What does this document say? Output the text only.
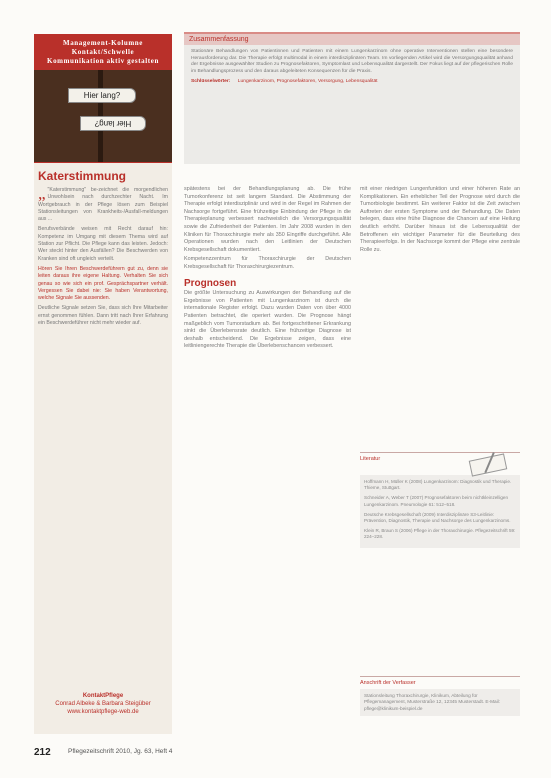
Management-Kolumne
Kontakt/Schwelle
Kommunikation aktiv gestalten
Hier lang?
Hier lang?
Katerstimmung

„ "Katerstimmung" be-zeichnet die morgendlichen Unwohlsein nach durchzechter Nacht. Im Wortgebrauch in der Pflege lösen zum Beispiel Stationsleitungen von Krankheits-/Ausfall-meldungen aus ...

Berufsverbände weisen mit Recht darauf hin: Kompetenz im Umgang mit diesem Thema wird auf Station zur Pflicht. Die Pflege kann das leisten. Jedoch: Wer steckt hinter den Ausfällen? Die Beschwerden von Kranken sind oft ungleich verteilt.

Hören Sie Ihren Beschwerdeführern gut zu, denn sie leiten daraus ihre eigene Haltung. Verhalten Sie sich genau so wie sich ein prof. Gesprächspartner verhält. Vergessen Sie dabei nie: Sie haben Verantwortung, welche Signale Sie aussenden.

Deutliche Signale setzen Sie, dass sich Ihre Mitarbeiter ernst genommen fühlen. Dann tritt nach Ihrer Erfahrung ein Beschwerdeführer nicht mehr wieder auf.

KontaktPflege
Conrad Albeke & Barbara Steigüber
www.kontaktpflege-web.de
Zusammenfassung
Stationäre Behandlungen von Patientinnen und Patienten mit einem Lungenkarzinom ohne operative Interventionen stellen eine besondere Herausforderung dar. Die Therapie erfolgt multimodal in einem interdisziplinären Team. Im vorliegenden Artikel wird die Versorgungsqualität anhand der Ergebnisse ausgewählter Studien zu Prognosefaktoren, Symptomlast und Lebensqualität dargestellt. Der Fokus liegt auf der pflegerischen Rolle im Behandlungsprozess und den daraus abgeleiteten Konsequenzen für die Praxis.
Schlüsselwörter: Lungenkarzinom, Prognosefaktoren, Versorgung, Lebensqualität

spätestens bei der Behandlungsplanung ab. Die frühe Tumorkonferenz ist seit langem Standard. Die Abstimmung der Therapie erfolgt interdisziplinär und wird in der Regel im Rahmen der Nachsorge fortgeführt. Eine frühzeitige Einbindung der Pflege in die Therapieplanung verbessert nachweislich die Versorgungsqualität sowie die Zufriedenheit der Patienten. Im Jahr 2008 wurden in den Kliniken für Thoraxchirurgie mehr als 350 Eingriffe durchgeführt. Alle Operationen wurden nach den Leitlinien der Deutschen Krebsgesellschaft dokumentiert.

Kompetenzzentrum für Thoraxchirurgie der Deutschen Krebsgesellschaft für Thoraxchirurgiezentrum.

Prognosen

Die größte Untersuchung zu Auswirkungen der Behandlung auf die Ergebnisse von Patienten mit Lungenkarzinom ist durch die internationale Register erfolgt. Dazu wurden Daten von über 4000 Patienten betrachtet, die operiert wurden. Die Prognose hängt maßgeblich vom Tumorstadium ab. Bei fortgeschrittener Erkrankung sinkt die Überlebensrate deutlich. Eine frühzeitige Diagnose ist deshalb entscheidend. Die Ergebnisse zeigen, dass eine leitliniengerechte Therapie die Überlebenschancen verbessert.

mit einer niedrigen Lungenfunktion und einer höheren Rate an Komplikationen. Ein erheblicher Teil der Prognose wird durch die Tumorbiologie bestimmt. Ein weiterer Faktor ist die Zeit zwischen Auftreten der ersten Symptome und der Behandlung. Die Daten belegen, dass eine frühe Diagnose die Chancen auf eine Heilung deutlich erhöht. Darüber hinaus ist die Lebensqualität der Betroffenen ein wichtiger Parameter für die Beurteilung des Therapieerfolgs. In der Nachsorge kommt der Pflege eine zentrale Rolle zu.

Literatur

Hoffmann H, Müller K (2008) Lungenkarzinom: Diagnostik und Therapie. Thieme, Stuttgart.

Schneider A, Weber T (2007) Prognosefaktoren beim nichtkleinzelligen Lungenkarzinom. Pneumologie 61: 512–518.

Deutsche Krebsgesellschaft (2009) Interdisziplinäre S3-Leitlinie: Prävention, Diagnostik, Therapie und Nachsorge des Lungenkarzinoms.

Klein R, Braun S (2006) Pflege in der Thoraxchirurgie. Pflegezeitschrift 59: 224–228.

Anschrift der Verfasser
Stationsleitung Thoraxchirurgie, Klinikum, Abteilung für Pflegemanagement, Musterstraße 12, 12345 Musterstadt. E-Mail: pflege@klinikum-beispiel.de
212	Pflegezeitschrift 2010, Jg. 63, Heft 4
